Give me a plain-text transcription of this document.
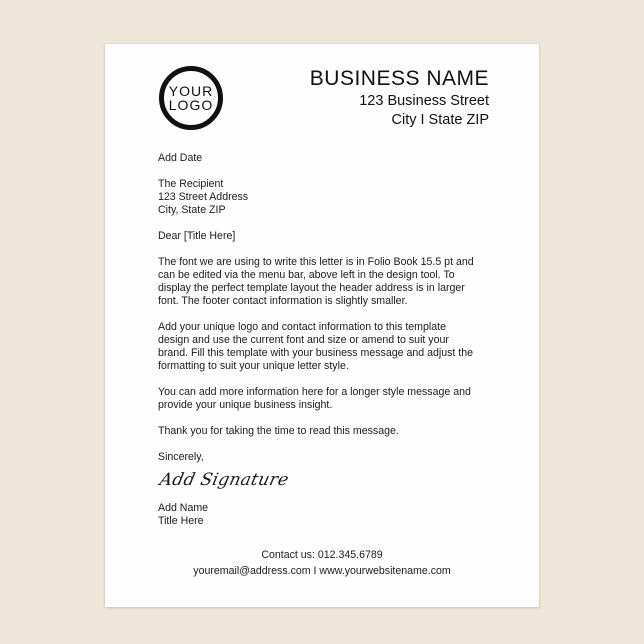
YOUR
LOGO
BUSINESS NAME
123 Business Street
City I State ZIP
Add Date
The Recipient
123 Street Address
City, State ZIP
Dear [Title Here]
The font we are using to write this letter is in Folio Book 15.5 pt and
can be edited via the menu bar, above left in the design tool. To
display the perfect template layout the header address is in larger
font. The footer contact information is slightly smaller.
Add your unique logo and contact information to this template
design and use the current font and size or amend to suit your
brand. Fill this template with your business message and adjust the
formatting to suit your unique letter style.
You can add more information here for a longer style message and
provide your unique business insight.
Thank you for taking the time to read this message.
Sincerely,
Add Signature
Add Name
Title Here
Contact us: 012.345.6789
youremail@address.com I www.yourwebsitename.com
